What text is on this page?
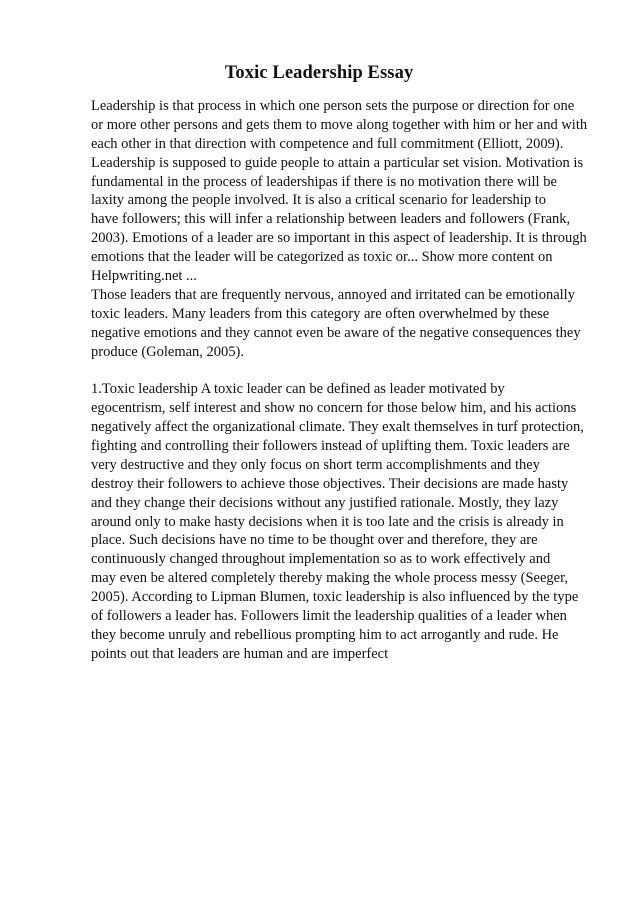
Toxic Leadership Essay
Leadership is that process in which one person sets the purpose or direction for one
or more other persons and gets them to move along together with him or her and with
each other in that direction with competence and full commitment (Elliott, 2009).
Leadership is supposed to guide people to attain a particular set vision. Motivation is
fundamental in the process of leadershipas if there is no motivation there will be
laxity among the people involved. It is also a critical scenario for leadership to
have followers; this will infer a relationship between leaders and followers (Frank,
2003). Emotions of a leader are so important in this aspect of leadership. It is through
emotions that the leader will be categorized as toxic or... Show more content on
Helpwriting.net ...
Those leaders that are frequently nervous, annoyed and irritated can be emotionally
toxic leaders. Many leaders from this category are often overwhelmed by these
negative emotions and they cannot even be aware of the negative consequences they
produce (Goleman, 2005).
1.Toxic leadership A toxic leader can be defined as leader motivated by
egocentrism, self interest and show no concern for those below him, and his actions
negatively affect the organizational climate. They exalt themselves in turf protection,
fighting and controlling their followers instead of uplifting them. Toxic leaders are
very destructive and they only focus on short term accomplishments and they
destroy their followers to achieve those objectives. Their decisions are made hasty
and they change their decisions without any justified rationale. Mostly, they lazy
around only to make hasty decisions when it is too late and the crisis is already in
place. Such decisions have no time to be thought over and therefore, they are
continuously changed throughout implementation so as to work effectively and
may even be altered completely thereby making the whole process messy (Seeger,
2005). According to Lipman Blumen, toxic leadership is also influenced by the type
of followers a leader has. Followers limit the leadership qualities of a leader when
they become unruly and rebellious prompting him to act arrogantly and rude. He
points out that leaders are human and are imperfect
